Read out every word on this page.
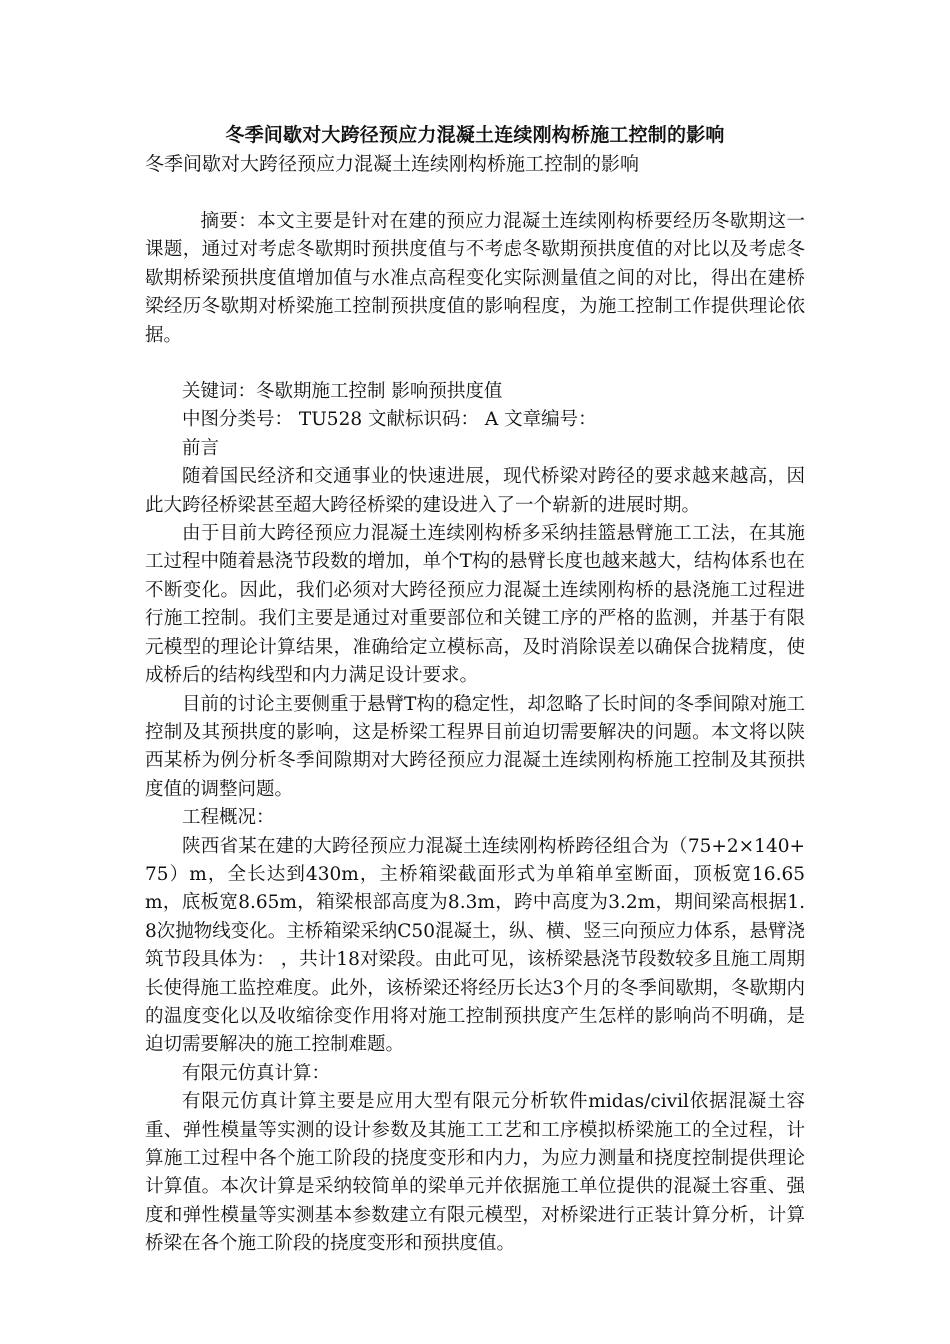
冬季间歇对大跨径预应力混凝土连续刚构桥施工控制的影响

冬季间歇对大跨径预应力混凝土连续刚构桥施工控制的影响

摘要：本文主要是针对在建的预应力混凝土连续刚构桥要经历冬歇期这一课题，通过对考虑冬歇期时预拱度值与不考虑冬歇期预拱度值的对比以及考虑冬歇期桥梁预拱度值增加值与水准点高程变化实际测量值之间的对比，得出在建桥梁经历冬歇期对桥梁施工控制预拱度值的影响程度，为施工控制工作提供理论依据。

关键词：冬歇期施工控制 影响预拱度值

中图分类号： TU528 文献标识码： A 文章编号：

前言

随着国民经济和交通事业的快速进展，现代桥梁对跨径的要求越来越高，因此大跨径桥梁甚至超大跨径桥梁的建设进入了一个崭新的进展时期。

由于目前大跨径预应力混凝土连续刚构桥多采纳挂篮悬臂施工工法，在其施工过程中随着悬浇节段数的增加，单个T构的悬臂长度也越来越大，结构体系也在不断变化。因此，我们必须对大跨径预应力混凝土连续刚构桥的悬浇施工过程进行施工控制。我们主要是通过对重要部位和关键工序的严格的监测，并基于有限元模型的理论计算结果，准确给定立模标高，及时消除误差以确保合拢精度，使成桥后的结构线型和内力满足设计要求。

目前的讨论主要侧重于悬臂T构的稳定性，却忽略了长时间的冬季间隙对施工控制及其预拱度的影响，这是桥梁工程界目前迫切需要解决的问题。本文将以陕西某桥为例分析冬季间隙期对大跨径预应力混凝土连续刚构桥施工控制及其预拱度值的调整问题。

工程概况：

陕西省某在建的大跨径预应力混凝土连续刚构桥跨径组合为（75+2×140+75）m，全长达到430m，主桥箱梁截面形式为单箱单室断面，顶板宽16.65m，底板宽8.65m，箱梁根部高度为8.3m，跨中高度为3.2m，期间梁高根据1.8次抛物线变化。主桥箱梁采纳C50混凝土，纵、横、竖三向预应力体系，悬臂浇筑节段具体为： ，共计18对梁段。由此可见，该桥梁悬浇节段数较多且施工周期长使得施工监控难度。此外，该桥梁还将经历长达3个月的冬季间歇期，冬歇期内的温度变化以及收缩徐变作用将对施工控制预拱度产生怎样的影响尚不明确，是迫切需要解决的施工控制难题。

有限元仿真计算：

有限元仿真计算主要是应用大型有限元分析软件midas/civil依据混凝土容重、弹性模量等实测的设计参数及其施工工艺和工序模拟桥梁施工的全过程，计算施工过程中各个施工阶段的挠度变形和内力，为应力测量和挠度控制提供理论计算值。本次计算是采纳较简单的梁单元并依据施工单位提供的混凝土容重、强度和弹性模量等实测基本参数建立有限元模型，对桥梁进行正装计算分析，计算桥梁在各个施工阶段的挠度变形和预拱度值。
